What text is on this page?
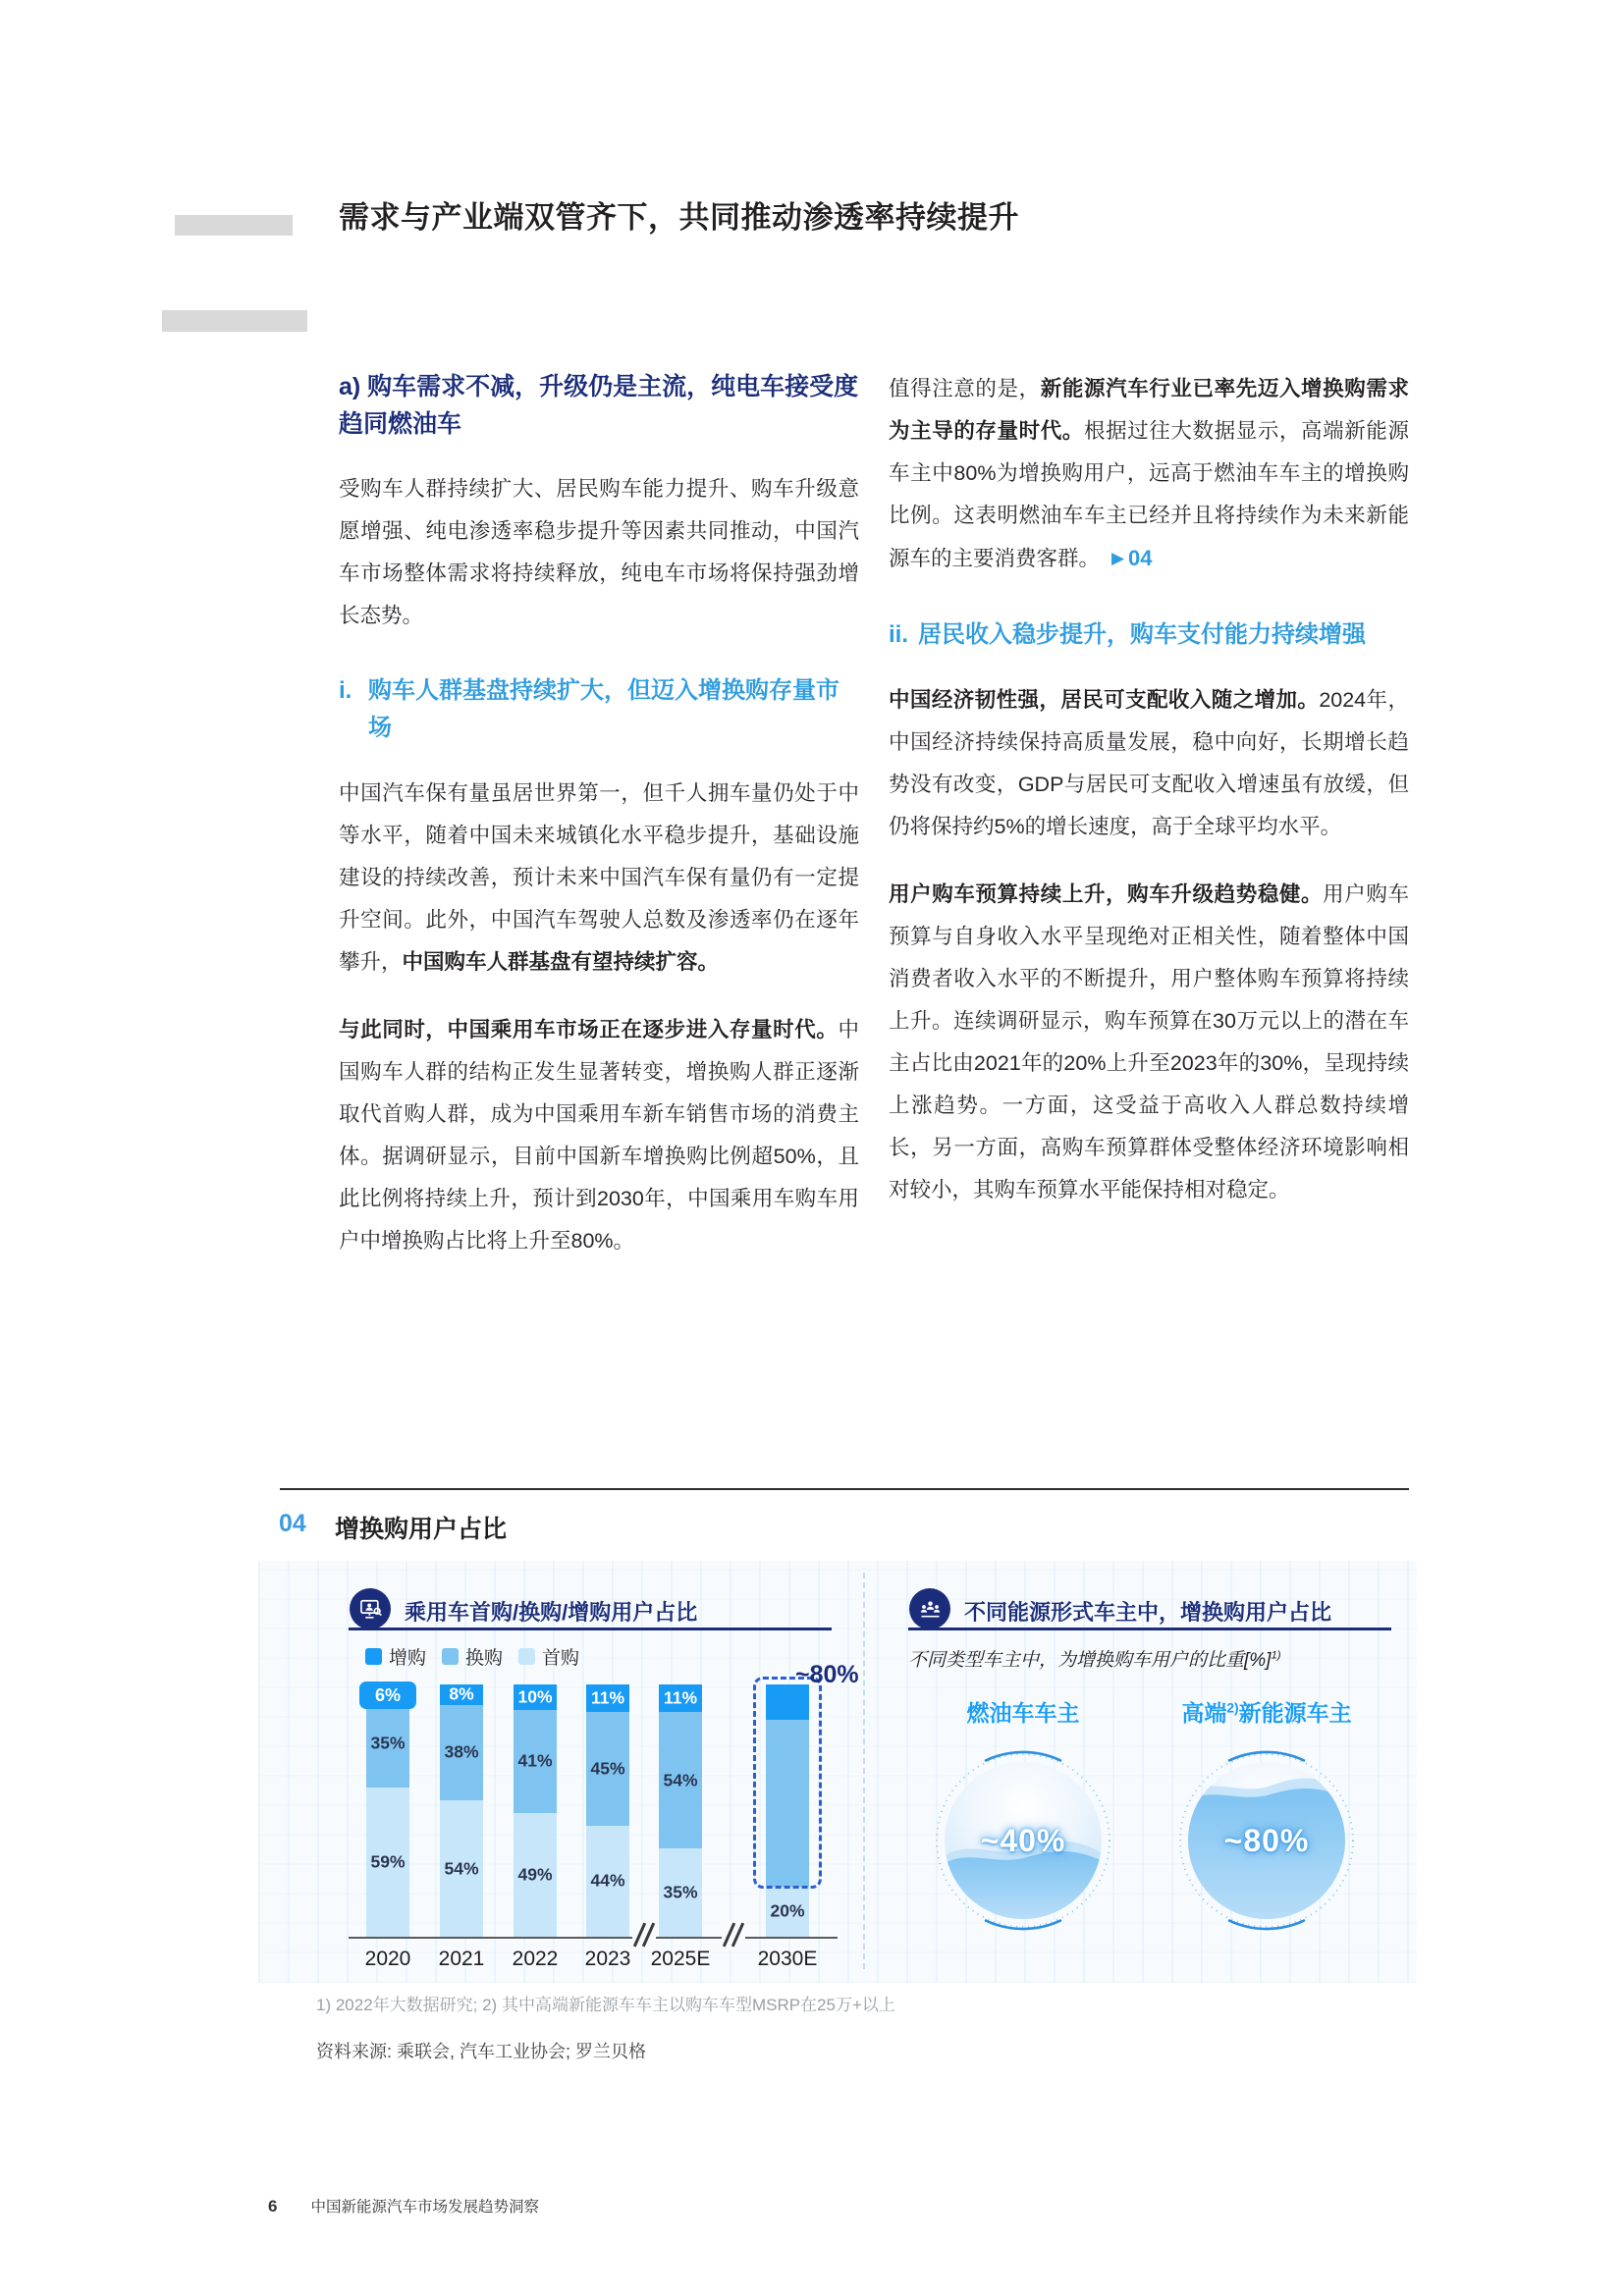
需求与产业端双管齐下，共同推动渗透率持续提升
a) 购车需求不减，升级仍是主流，纯电车接受度趋同燃油车

受购车人群持续扩大、居民购车能力提升、购车升级意愿增强、纯电渗透率稳步提升等因素共同推动，中国汽车市场整体需求将持续释放，纯电车市场将保持强劲增长态势。

i. 购车人群基盘持续扩大，但迈入增换购存量市场

中国汽车保有量虽居世界第一，但千人拥车量仍处于中等水平，随着中国未来城镇化水平稳步提升，基础设施建设的持续改善，预计未来中国汽车保有量仍有一定提升空间。此外，中国汽车驾驶人总数及渗透率仍在逐年攀升，中国购车人群基盘有望持续扩容。

与此同时，中国乘用车市场正在逐步进入存量时代。中国购车人群的结构正发生显著转变，增换购人群正逐渐取代首购人群，成为中国乘用车新车销售市场的消费主体。据调研显示，目前中国新车增换购比例超50%，且此比例将持续上升，预计到2030年，中国乘用车购车用户中增换购占比将上升至80%。

值得注意的是，新能源汽车行业已率先迈入增换购需求为主导的存量时代。根据过往大数据显示，高端新能源车主中80%为增换购用户，远高于燃油车车主的增换购比例。这表明燃油车车主已经并且将持续作为未来新能源车的主要消费客群。 ▶ 04

ii. 居民收入稳步提升，购车支付能力持续增强

中国经济韧性强，居民可支配收入随之增加。2024年，中国经济持续保持高质量发展，稳中向好，长期增长趋势没有改变，GDP与居民可支配收入增速虽有放缓，但仍将保持约5%的增长速度，高于全球平均水平。

用户购车预算持续上升，购车升级趋势稳健。用户购车预算与自身收入水平呈现绝对正相关性，随着整体中国消费者收入水平的不断提升，用户整体购车预算将持续上升。连续调研显示，购车预算在30万元以上的潜在车主占比由2021年的20%上升至2023年的30%，呈现持续上涨趋势。一方面，这受益于高收入人群总数持续增长，另一方面，高购车预算群体受整体经济环境影响相对较小，其购车预算水平能保持相对稳定。

04 增换购用户占比
乘用车首购/换购/增购用户占比
增购 换购 首购
59%
35%
6%
2020
54%
38%
8%
2021
49%
41%
10%
2022
44%
45%
11%
2023
35%
54%
11%
2025E
20%
2030E
~80%
不同能源形式车主中，增换购用户占比
不同类型车主中，为增换购车用户的比重[%]$^{1)}$
燃油车车主
~40%
高端$^{2)}$新能源车主
~80%
1) 2022年大数据研究; 2) 其中高端新能源车车主以购车车型MSRP在25万+以上
资料来源: 乘联会, 汽车工业协会; 罗兰贝格
6 中国新能源汽车市场发展趋势洞察
